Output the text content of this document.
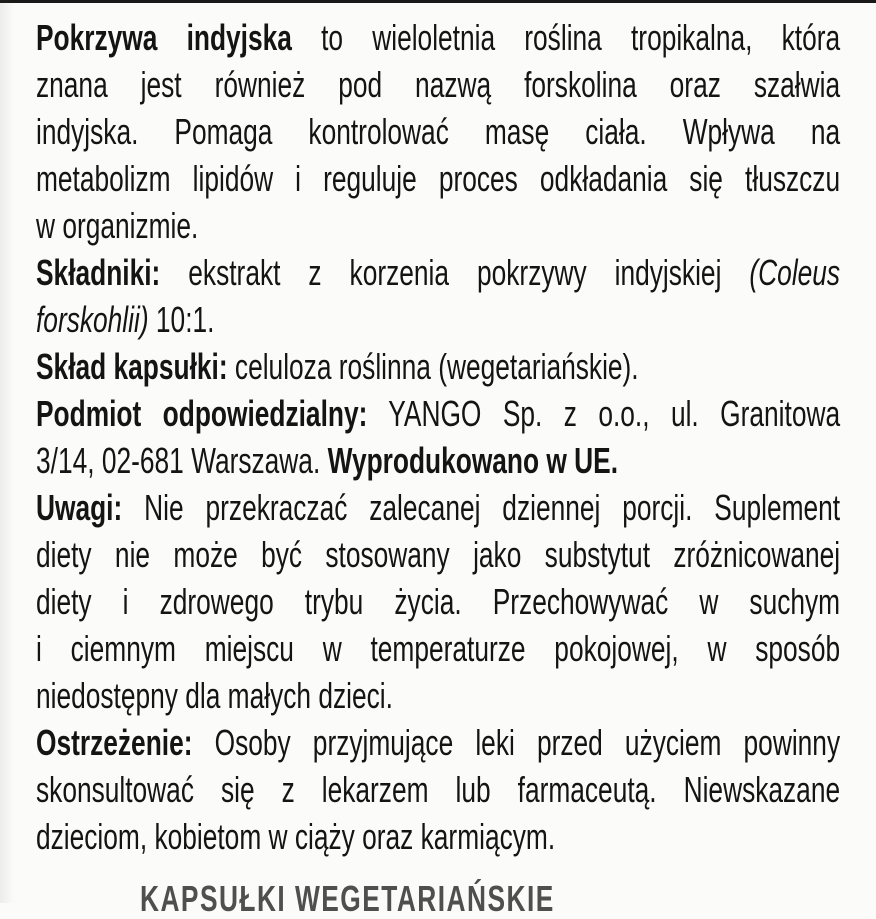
Pokrzywa indyjska to wieloletnia roślina tropikalna, która
znana jest również pod nazwą forskolina oraz szałwia
indyjska. Pomaga kontrolować masę ciała. Wpływa na
metabolizm lipidów i reguluje proces odkładania się tłuszczu
w organizmie.
Składniki: ekstrakt z korzenia pokrzywy indyjskiej (Coleus
forskohlii) 10:1.
Skład kapsułki: celuloza roślinna (wegetariańskie).
Podmiot odpowiedzialny: YANGO Sp. z o.o., ul. Granitowa
3/14, 02-681 Warszawa. Wyprodukowano w UE.
Uwagi: Nie przekraczać zalecanej dziennej porcji. Suplement
diety nie może być stosowany jako substytut zróżnicowanej
diety i zdrowego trybu życia. Przechowywać w suchym
i ciemnym miejscu w temperaturze pokojowej, w sposób
niedostępny dla małych dzieci.
Ostrzeżenie: Osoby przyjmujące leki przed użyciem powinny
skonsultować się z lekarzem lub farmaceutą. Niewskazane
dzieciom, kobietom w ciąży oraz karmiącym.
KAPSUŁKI WEGETARIAŃSKIE
